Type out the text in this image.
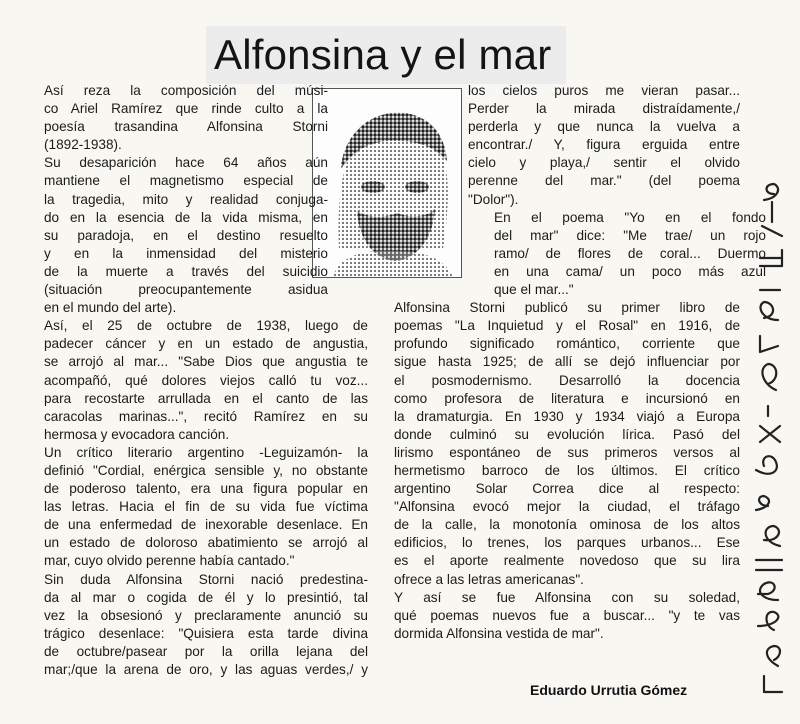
Alfonsina y el mar

Así reza la composición del músi-
co Ariel Ramírez que rinde culto a la
poesía trasandina Alfonsina Storni
(1892-1938).

Su desaparición hace 64 años aún
mantiene el magnetismo especial de
la tragedia, mito y realidad conjuga-
do en la esencia de la vida misma, en
su paradoja, en el destino resuelto
y en la inmensidad del misterio
de la muerte a través del suicidio
(situación preocupantemente asidua
en el mundo del arte).

Así, el 25 de octubre de 1938, luego de
padecer cáncer y en un estado de angustia,
se arrojó al mar... "Sabe Dios que angustia te
acompañó, qué dolores viejos calló tu voz...
para recostarte arrullada en el canto de las
caracolas marinas...", recitó Ramírez en su
hermosa y evocadora canción.

Un crítico literario argentino -Leguizamón- la
definió "Cordial, enérgica sensible y, no obstante
de poderoso talento, era una figura popular en
las letras. Hacia el fin de su vida fue víctima
de una enfermedad de inexorable desenlace. En
un estado de doloroso abatimiento se arrojó al
mar, cuyo olvido perenne había cantado."

Sin duda Alfonsina Storni nació predestina-
da al mar o cogida de él y lo presintió, tal
vez la obsesionó y preclaramente anunció su
trágico desenlace: "Quisiera esta tarde divina
de octubre/pasear por la orilla lejana del
mar;/que la arena de oro, y las aguas verdes,/ y

los cielos puros me vieran pasar...
Perder la mirada distraídamente,/
perderla y que nunca la vuelva a
encontrar./ Y, figura erguida entre
cielo y playa,/ sentir el olvido
perenne del mar." (del poema
"Dolor").

En el poema "Yo en el fondo
del mar" dice: "Me trae/ un rojo
ramo/ de flores de coral... Duermo
en una cama/ un poco más azul
que el mar..."

Alfonsina Storni publicó su primer libro de
poemas "La Inquietud y el Rosal" en 1916, de
profundo significado romántico, corriente que
sigue hasta 1925; de allí se dejó influenciar por
el posmodernismo. Desarrolló la docencia
como profesora de literatura e incursionó en
la dramaturgia. En 1930 y 1934 viajó a Europa
donde culminó su evolución lírica. Pasó del
lirismo espontáneo de sus primeros versos al
hermetismo barroco de los últimos. El crítico
argentino Solar Correa dice al respecto:
"Alfonsina evocó mejor la ciudad, el tráfago
de la calle, la monotonía ominosa de los altos
edificios, lo trenes, los parques urbanos... Ese
es el aporte realmente novedoso que su lira
ofrece a las letras americanas".

Y así se fue Alfonsina con su soledad,
qué poemas nuevos fue a buscar... "y te vas
dormida Alfonsina vestida de mar".

Eduardo Urrutia Gómez
